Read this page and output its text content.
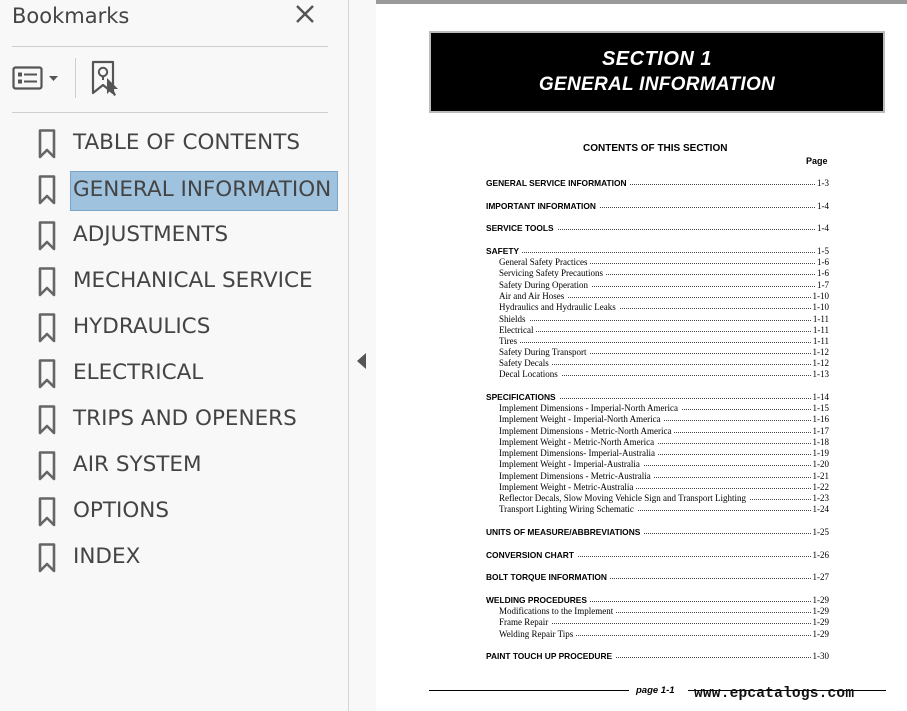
Bookmarks
TABLE OF CONTENTS
GENERAL INFORMATION
ADJUSTMENTS
MECHANICAL SERVICE
HYDRAULICS
ELECTRICAL
TRIPS AND OPENERS
AIR SYSTEM
OPTIONS
INDEX
SECTION 1
GENERAL INFORMATION
CONTENTS OF THIS SECTION
Page
GENERAL SERVICE INFORMATION	1-3
IMPORTANT INFORMATION	1-4
SERVICE TOOLS	1-4
SAFETY	1-5
General Safety Practices	1-6
Servicing Safety Precautions	1-6
Safety During Operation	1-7
Air and Air Hoses	1-10
Hydraulics and Hydraulic Leaks	1-10
Shields	1-11
Electrical	1-11
Tires	1-11
Safety During Transport	1-12
Safety Decals	1-12
Decal Locations	1-13
SPECIFICATIONS	1-14
Implement Dimensions - Imperial-North America	1-15
Implement Weight - Imperial-North America	1-16
Implement Dimensions - Metric-North America	1-17
Implement Weight - Metric-North America	1-18
Implement Dimensions- Imperial-Australia	1-19
Implement Weight - Imperial-Australia	1-20
Implement Dimensions - Metric-Australia	1-21
Implement Weight - Metric-Australia	1-22
Reflector Decals, Slow Moving Vehicle Sign and Transport Lighting	1-23
Transport Lighting Wiring Schematic	1-24
UNITS OF MEASURE/ABBREVIATIONS	1-25
CONVERSION CHART	1-26
BOLT TORQUE INFORMATION	1-27
WELDING PROCEDURES	1-29
Modifications to the Implement	1-29
Frame Repair	1-29
Welding Repair Tips	1-29
PAINT TOUCH UP PROCEDURE	1-30
page 1-1 www.epcatalogs.com
